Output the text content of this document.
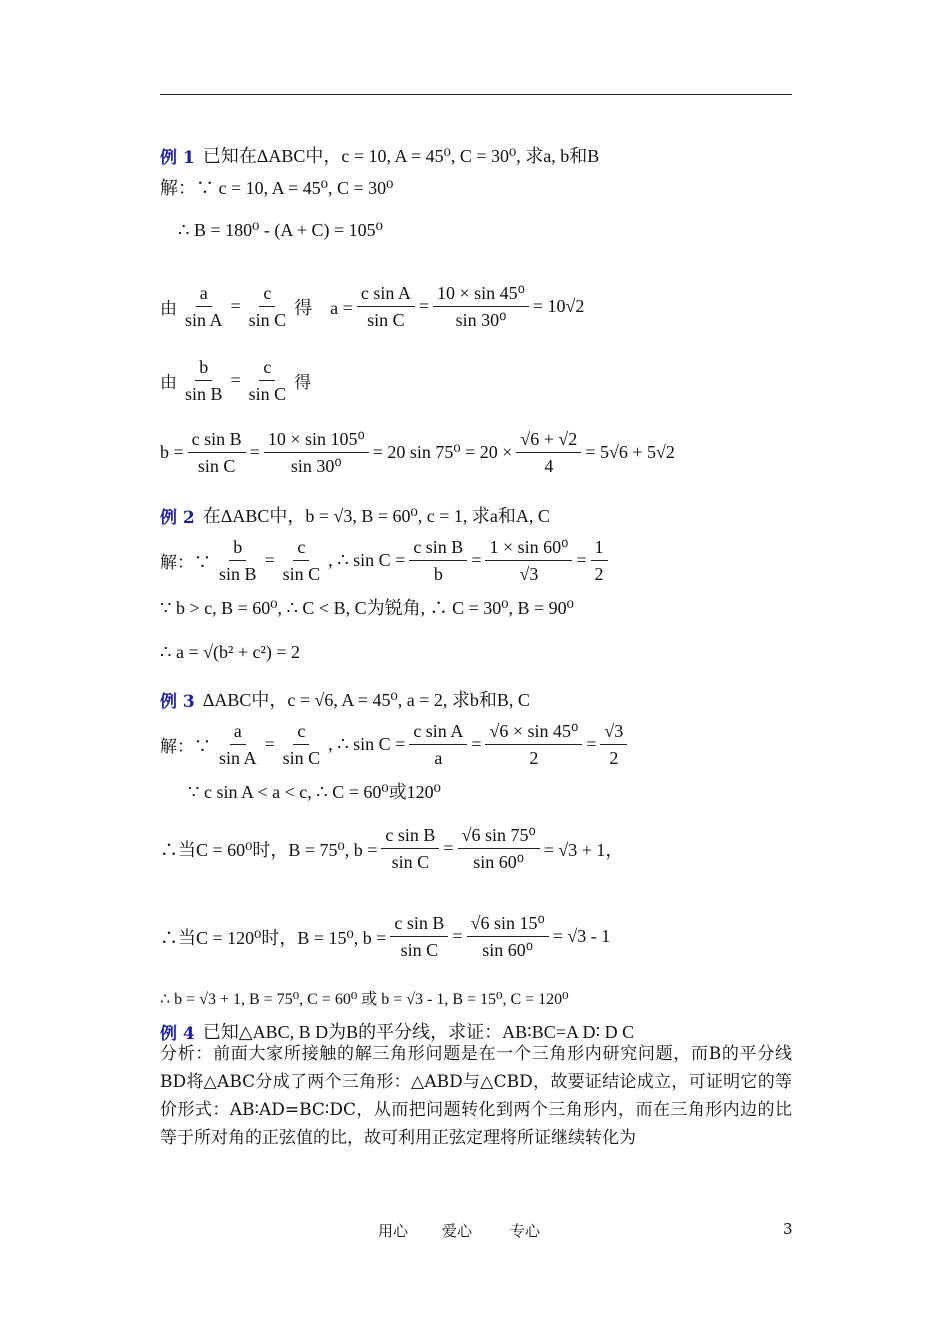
例 1 已知在ΔABC中，c = 10, A = 45⁰, C = 30⁰, 求a, b和B
解：∵ c = 10, A = 45⁰, C = 30⁰
∴ B = 180⁰ - (A + C) = 105⁰
由 $\frac{a}{\text{sin A}} = \frac{c}{\text{sin C}}$ 得　$a = \frac{\text{c sin A}}{\text{sin C}} = \frac{\text{10 × sin 45⁰}}{\text{sin 30⁰}} = 10√2$
由 $\frac{b}{\text{sin B}} = \frac{c}{\text{sin C}}$ 得
$b = \frac{\text{c sin B}}{\text{sin C}} = \frac{\text{10 × sin 105⁰}}{\text{sin 30⁰}} = 20$ $\sin 75^0 = 20 \times \frac{√6 + √2}{4} = 5√6 + 5√2$
例 2 在ΔABC中，b = √3, B = 60⁰, c = 1, 求a和A, C
解：∵ $\frac{b}{\text{sin B}} = \frac{c}{\text{sin C}}$ , ∴ $\sin C = \frac{\text{c sin B}}{b} = \frac{\text{1 × sin 60⁰}}{√3} = \frac{1}{2}$
∵ b > c, B = 60⁰, ∴ C < B, C为锐角, ∴ C = 30⁰, B = 90⁰
∴ a = √(b² + c²) = 2
例 3 ΔABC中，c = √6, A = 45⁰, a = 2, 求b和B, C
解：∵ $\frac{a}{\text{sin A}} = \frac{c}{\text{sin C}}$ , ∴ $\sin C = \frac{\text{c sin A}}{a} = \frac{\text{√6 × sin 45⁰}}{2} = \frac{√3}{2}$
∵ c sin A < a < c, ∴ C = 60⁰或120⁰
∴当C = 60⁰时，B = 75⁰, $b = \frac{\text{c sin B}}{\text{sin C}} = \frac{\text{√6 sin 75⁰}}{\text{sin 60⁰}} = √3 + 1$，
∴当C = 120⁰时，B = 15⁰, $b = \frac{\text{c sin B}}{\text{sin C}} = \frac{\text{√6 sin 15⁰}}{\text{sin 60⁰}} = √3 - 1$
∴ b = √3 + 1, B = 75⁰, C = 60⁰ 或 b = √3 - 1, B = 15⁰, C = 120⁰
例 4 已知△ABC, B D为B的平分线，求证：AB∶BC=A D∶ D C
分析：前面大家所接触的解三角形问题是在一个三角形内研究问题，而B的平分线BD将△ABC分成了两个三角形：△ABD与△CBD，故要证结论成立，可证明它的等价形式：AB∶AD=BC∶DC，从而把问题转化到两个三角形内，而在三角形内边的比等于所对角的正弦值的比，故可利用正弦定理将所证继续转化为
用心 爱心	专心	3
